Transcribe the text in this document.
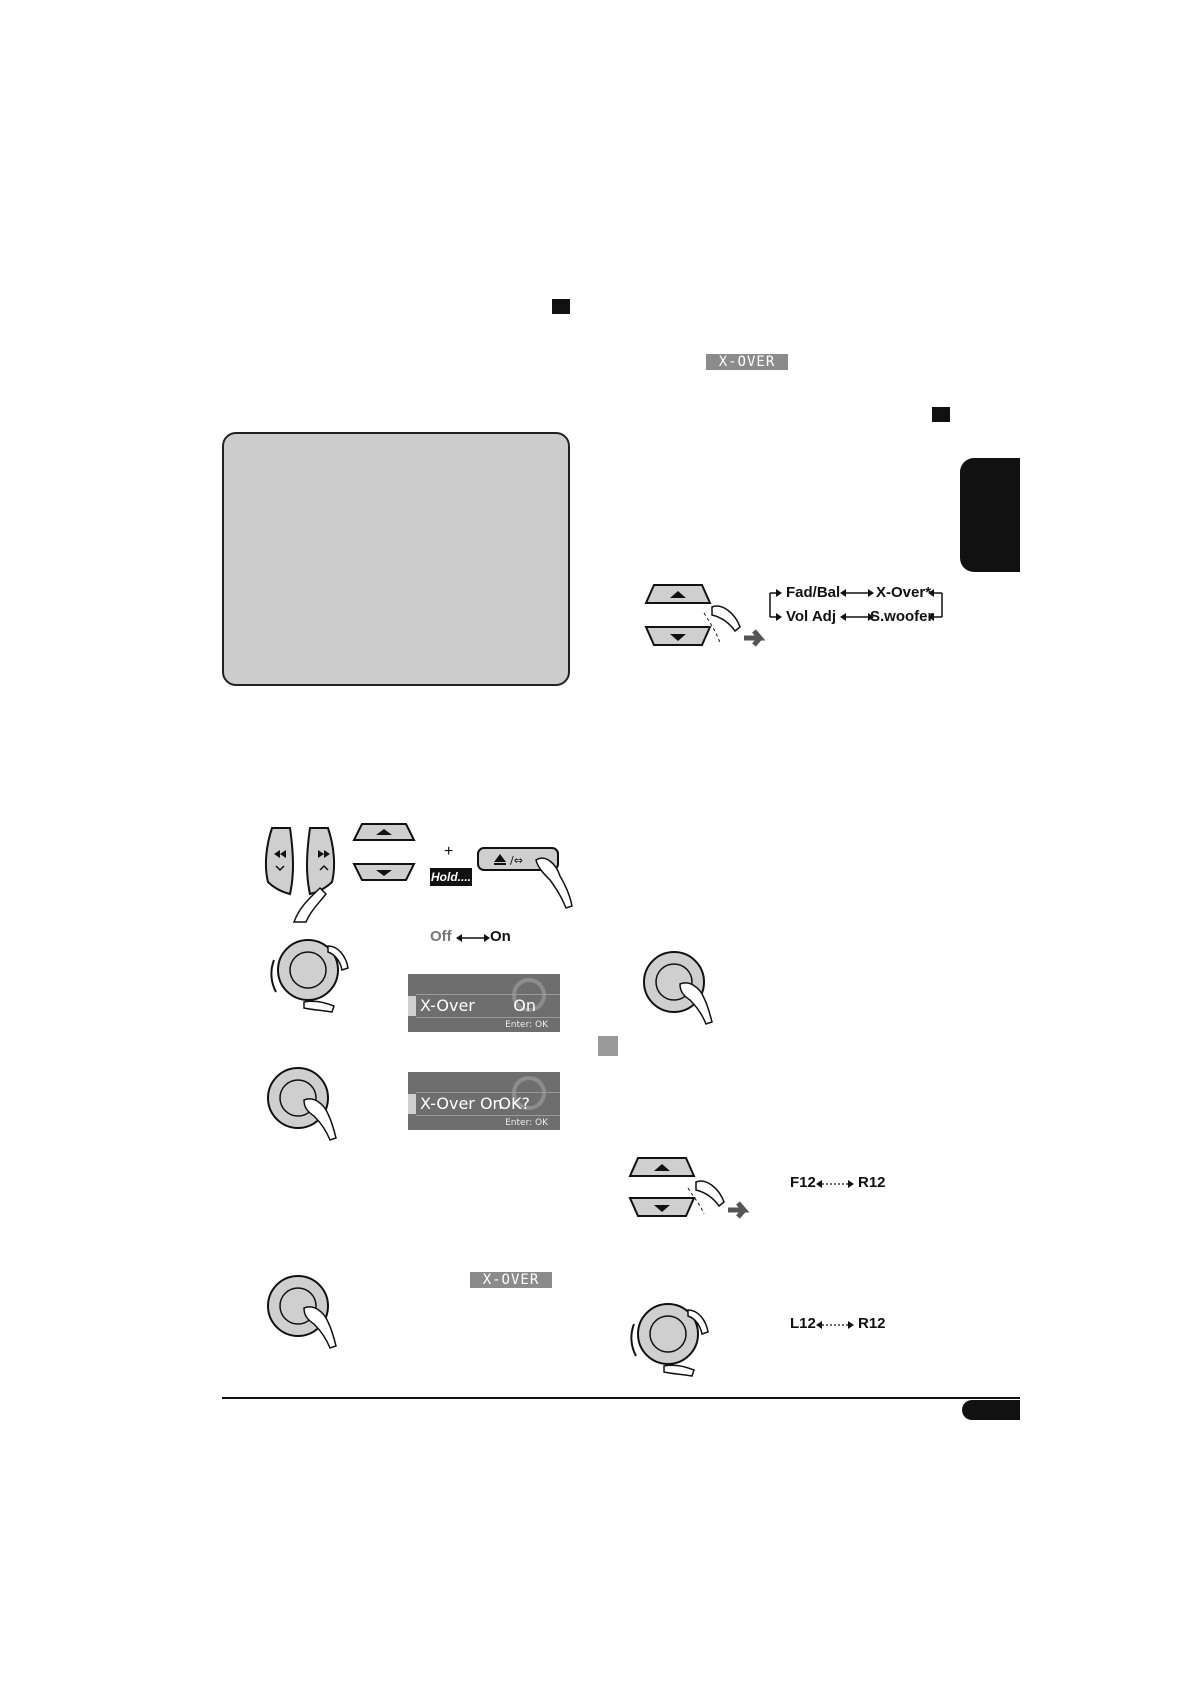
X-OVER
Fad/Bal X-Over*
Vol Adj S.woofer
+
Hold....
/⇔
Off	On
X-Over On
Enter: OK
X-Over On
OK?
Enter: OK
F12	R12
X-OVER
L12	R12
